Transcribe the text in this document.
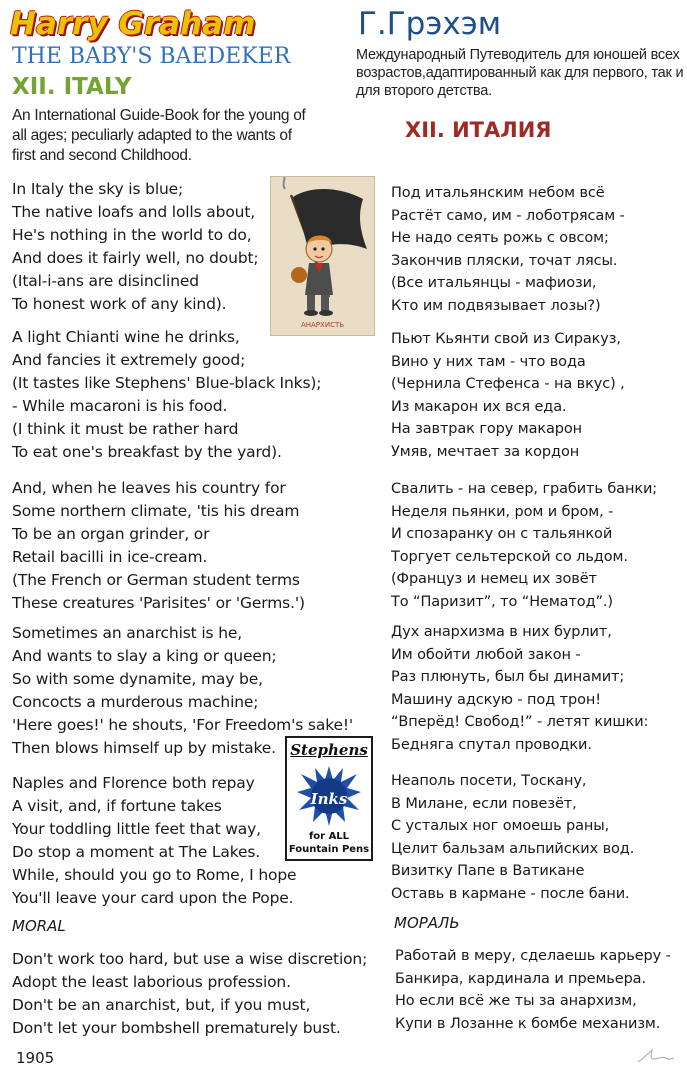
Harry Graham
THE BABY'S BAEDEKER
XII. ITALY
An International Guide-Book for the young of all ages; peculiarly adapted to the wants of first and second Childhood.
Г.Грэхэм
Международный Путеводитель для юношей всех возрастов,адаптированный как для первого, так и для второго детства.
XII. ИТАЛИЯ
In Italy the sky is blue;
The native loafs and lolls about,
He's nothing in the world to do,
And does it fairly well, no doubt;
(Ital-i-ans are disinclined
To honest work of any kind).
A light Chianti wine he drinks,
And fancies it extremely good;
(It tastes like Stephens' Blue-black Inks);
- While macaroni is his food.
(I think it must be rather hard
To eat one's breakfast by the yard).
And, when he leaves his country for
Some northern climate, 'tis his dream
To be an organ grinder, or
Retail bacilli in ice-cream.
(The French or German student terms
These creatures 'Parisites' or 'Germs.')
Sometimes an anarchist is he,
And wants to slay a king or queen;
So with some dynamite, may be,
Concocts a murderous machine;
'Here goes!' he shouts, 'For Freedom's sake!'
Then blows himself up by mistake.
Naples and Florence both repay
A visit, and, if fortune takes
Your toddling little feet that way,
Do stop a moment at The Lakes.
While, should you go to Rome, I hope
You'll leave your card upon the Pope.
MORAL
Don't work too hard, but use a wise discretion;
Adopt the least laborious profession.
Don't be an anarchist, but, if you must,
Don't let your bombshell prematurely bust.
Под итальянским небом всё
Растёт само, им - лоботрясам -
Не надо сеять рожь с овсом;
Закончив пляски, точат лясы.
(Все итальянцы - мафиози,
Кто им подвязывает лозы?)
Пьют Кьянти свой из Сиракуз,
Вино у них там - что вода
(Чернила Стефенса - на вкус) ,
Из макарон их вся еда.
На завтрак гору макарон
Умяв, мечтает за кордон
Свалить - на север, грабить банки;
Неделя пьянки, ром и бром, -
И спозаранку он с тальянкой
Торгует сельтерской со льдом.
(Француз и немец их зовёт
То “Паризит”, то “Нематод”.)
Дух анархизма в них бурлит,
Им обойти любой закон -
Раз плюнуть, был бы динамит;
Машину адскую - под трон!
“Вперёд! Свобод!” - летят кишки:
Бедняга спутал проводки.
Неаполь посети, Тоскану,
В Милане, если повезёт,
С усталых ног омоешь раны,
Целит бальзам альпийских вод.
Визитку Папе в Ватикане
Оставь в кармане - после бани.
МОРАЛЬ
Работай в меру, сделаешь карьеру -
Банкира, кардинала и премьера.
Но если всё же ты за анархизм,
Купи в Лозанне к бомбе механизм.
АНАРХИСТЬ
Stephens
Inks
for ALL
Fountain Pens
1905
